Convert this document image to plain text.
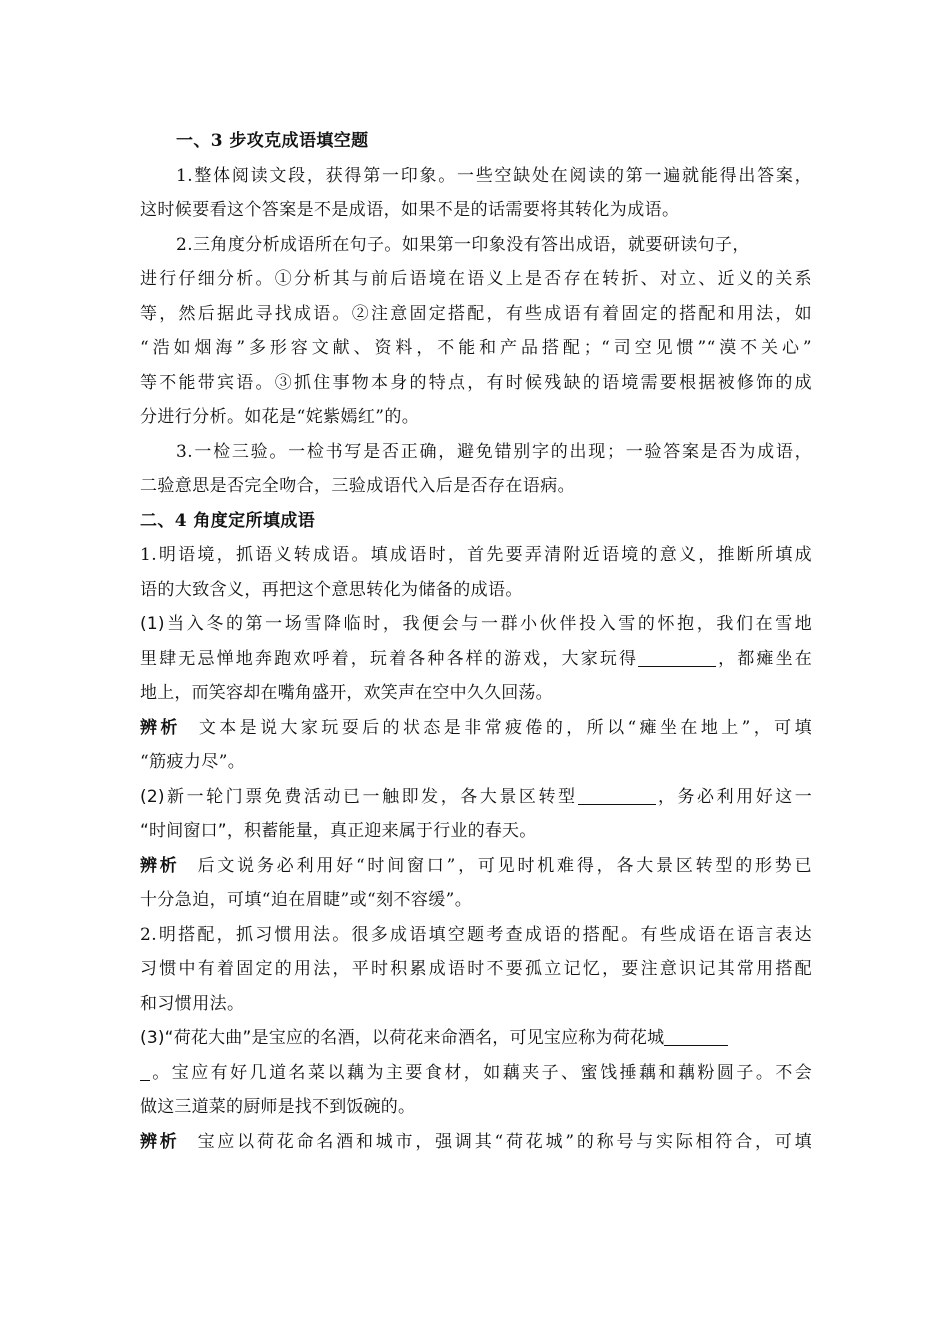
一、3 步攻克成语填空题
1.整体阅读文段，获得第一印象。一些空缺处在阅读的第一遍就能得出答案，
这时候要看这个答案是不是成语，如果不是的话需要将其转化为成语。
2.三角度分析成语所在句子。如果第一印象没有答出成语，就要研读句子，
进行仔细分析。①分析其与前后语境在语义上是否存在转折、对立、近义的关系
等，然后据此寻找成语。②注意固定搭配，有些成语有着固定的搭配和用法，如
“浩如烟海”多形容文献、资料，不能和产品搭配；“司空见惯”“漠不关心”
等不能带宾语。③抓住事物本身的特点，有时候残缺的语境需要根据被修饰的成
分进行分析。如花是“姹紫嫣红”的。
3.一检三验。一检书写是否正确，避免错别字的出现；一验答案是否为成语，
二验意思是否完全吻合，三验成语代入后是否存在语病。
二、4 角度定所填成语
1.明语境，抓语义转成语。填成语时，首先要弄清附近语境的意义，推断所填成
语的大致含义，再把这个意思转化为储备的成语。
(1)当入冬的第一场雪降临时，我便会与一群小伙伴投入雪的怀抱，我们在雪地
里肆无忌惮地奔跑欢呼着，玩着各种各样的游戏，大家玩得	，都瘫坐在
地上，而笑容却在嘴角盛开，欢笑声在空中久久回荡。
辨析 文本是说大家玩耍后的状态是非常疲倦的，所以“瘫坐在地上”，可填
“筋疲力尽”。
(2)新一轮门票免费活动已一触即发，各大景区转型	，务必利用好这一
“时间窗口”，积蓄能量，真正迎来属于行业的春天。
辨析 后文说务必利用好“时间窗口”，可见时机难得，各大景区转型的形势已
十分急迫，可填“迫在眉睫”或“刻不容缓”。
2.明搭配，抓习惯用法。很多成语填空题考查成语的搭配。有些成语在语言表达
习惯中有着固定的用法，平时积累成语时不要孤立记忆，要注意识记其常用搭配
和习惯用法。
(3)“荷花大曲”是宝应的名酒，以荷花来命酒名，可见宝应称为荷花城
。宝应有好几道名菜以藕为主要食材，如藕夹子、蜜饯捶藕和藕粉圆子。不会
做这三道菜的厨师是找不到饭碗的。
辨析 宝应以荷花命名酒和城市，强调其“荷花城”的称号与实际相符合，可填
